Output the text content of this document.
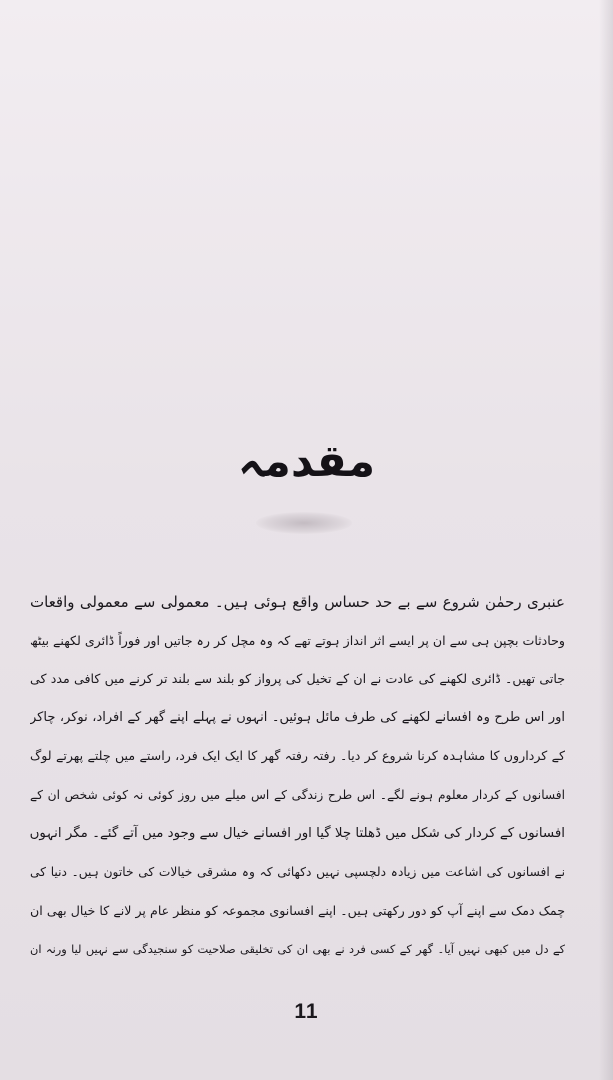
مقدمہ
عنبری رحمٰن شروع سے بے حد حساس واقع ہوئی ہیں۔ معمولی سے معمولی واقعات
وحادثات بچپن ہی سے ان پر ایسے اثر انداز ہوتے تھے کہ وہ مچل کر رہ جاتیں اور فوراً ڈائری لکھنے بیٹھ
جاتی تھیں۔ ڈائری لکھنے کی عادت نے ان کے تخیل کی پرواز کو بلند سے بلند تر کرنے میں کافی مدد کی
اور اس طرح وہ افسانے لکھنے کی طرف مائل ہوئیں۔ انہوں نے پہلے اپنے گھر کے افراد، نوکر، چاکر
کے کرداروں کا مشاہدہ کرنا شروع کر دیا۔ رفتہ رفتہ گھر کا ایک ایک فرد، راستے میں چلتے پھرتے لوگ
افسانوں کے کردار معلوم ہونے لگے۔ اس طرح زندگی کے اس میلے میں روز کوئی نہ کوئی شخص ان کے
افسانوں کے کردار کی شکل میں ڈھلتا چلا گیا اور افسانے خیال سے وجود میں آتے گئے۔ مگر انہوں
نے افسانوں کی اشاعت میں زیادہ دلچسپی نہیں دکھائی کہ وہ مشرقی خیالات کی خاتون ہیں۔ دنیا کی
چمک دمک سے اپنے آپ کو دور رکھتی ہیں۔ اپنے افسانوی مجموعہ کو منظر عام پر لانے کا خیال بھی ان
کے دل میں کبھی نہیں آیا۔ گھر کے کسی فرد نے بھی ان کی تخلیقی صلاحیت کو سنجیدگی سے نہیں لیا ورنہ ان
11
